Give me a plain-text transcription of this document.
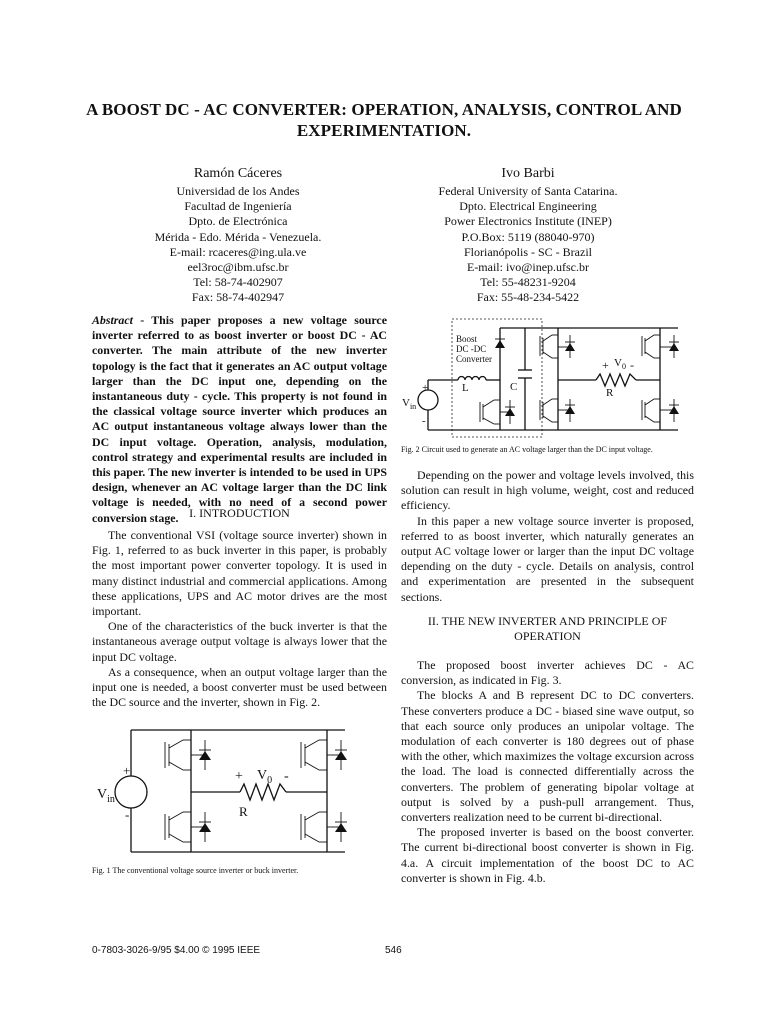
A BOOST DC - AC CONVERTER: OPERATION, ANALYSIS, CONTROL AND
EXPERIMENTATION.
Ramón Cáceres
Universidad de los Andes
Facultad de Ingeniería
Dpto. de Electrónica
Mérida - Edo. Mérida - Venezuela.
E-mail: rcaceres@ing.ula.ve
eel3roc@ibm.ufsc.br
Tel: 58-74-402907
Fax: 58-74-402947
Ivo Barbi
Federal University of Santa Catarina.
Dpto. Electrical Engineering
Power Electronics Institute (INEP)
P.O.Box: 5119 (88040-970)
Florianópolis - SC - Brazil
E-mail: ivo@inep.ufsc.br
Tel: 55-48231-9204
Fax: 55-48-234-5422

Abstract - This paper proposes a new voltage source inverter referred to as boost inverter or boost DC - AC converter. The main attribute of the new inverter topology is the fact that it generates an AC output voltage larger than the DC input one, depending on the instantaneous duty - cycle. This property is not found in the classical voltage source inverter which produces an AC output instantaneous voltage always lower than the DC input voltage. Operation, analysis, modulation, control strategy and experimental results are included in this paper. The new inverter is intended to be used in UPS design, whenever an AC voltage larger than the DC link voltage is needed, with no need of a second power conversion stage. I. INTRODUCTION

The conventional VSI (voltage source inverter) shown in Fig. 1, referred to as buck inverter in this paper, is probably the most important power converter topology. It is used in many distinct industrial and commercial applications. Among these applications, UPS and AC motor drives are the most important.

One of the characteristics of the buck inverter is that the instantaneous average output voltage is always lower that the input DC voltage.

As a consequence, when an output voltage larger than the input one is needed, a boost converter must be used between the DC source and the inverter, shown in Fig. 2.

+
-
$V_{in}$
+ $V_0$ -
R
Fig. 1 The conventional voltage source inverter or buck inverter.
Boost
DC -DC
Converter
L	C	R
+
-
$V_{in}$
+ $V_0$ -
Fig. 2 Circuit used to generate an AC voltage larger than the DC input voltage.

Depending on the power and voltage levels involved, this solution can result in high volume, weight, cost and reduced efficiency.

In this paper a new voltage source inverter is proposed, referred to as boost inverter, which naturally generates an output AC voltage lower or larger than the input DC voltage depending on the duty - cycle. Details on analysis, control and experimentation are presented in the subsequent sections.

II. THE NEW INVERTER AND PRINCIPLE OF
OPERATION

The proposed boost inverter achieves DC - AC conversion, as indicated in Fig. 3.

The blocks A and B represent DC to DC converters. These converters produce a DC - biased sine wave output, so that each source only produces an unipolar voltage. The modulation of each converter is 180 degrees out of phase with the other, which maximizes the voltage excursion across the load. The load is connected differentially across the converters. The problem of generating bipolar voltage at output is solved by a push-pull arrangement. Thus, converters realization need to be current bi-directional.

The proposed inverter is based on the boost converter. The current bi-directional boost converter is shown in Fig. 4.a. A circuit implementation of the boost DC to AC converter is shown in Fig. 4.b.

0-7803-3026-9/95 $4.00 © 1995 IEEE	546
